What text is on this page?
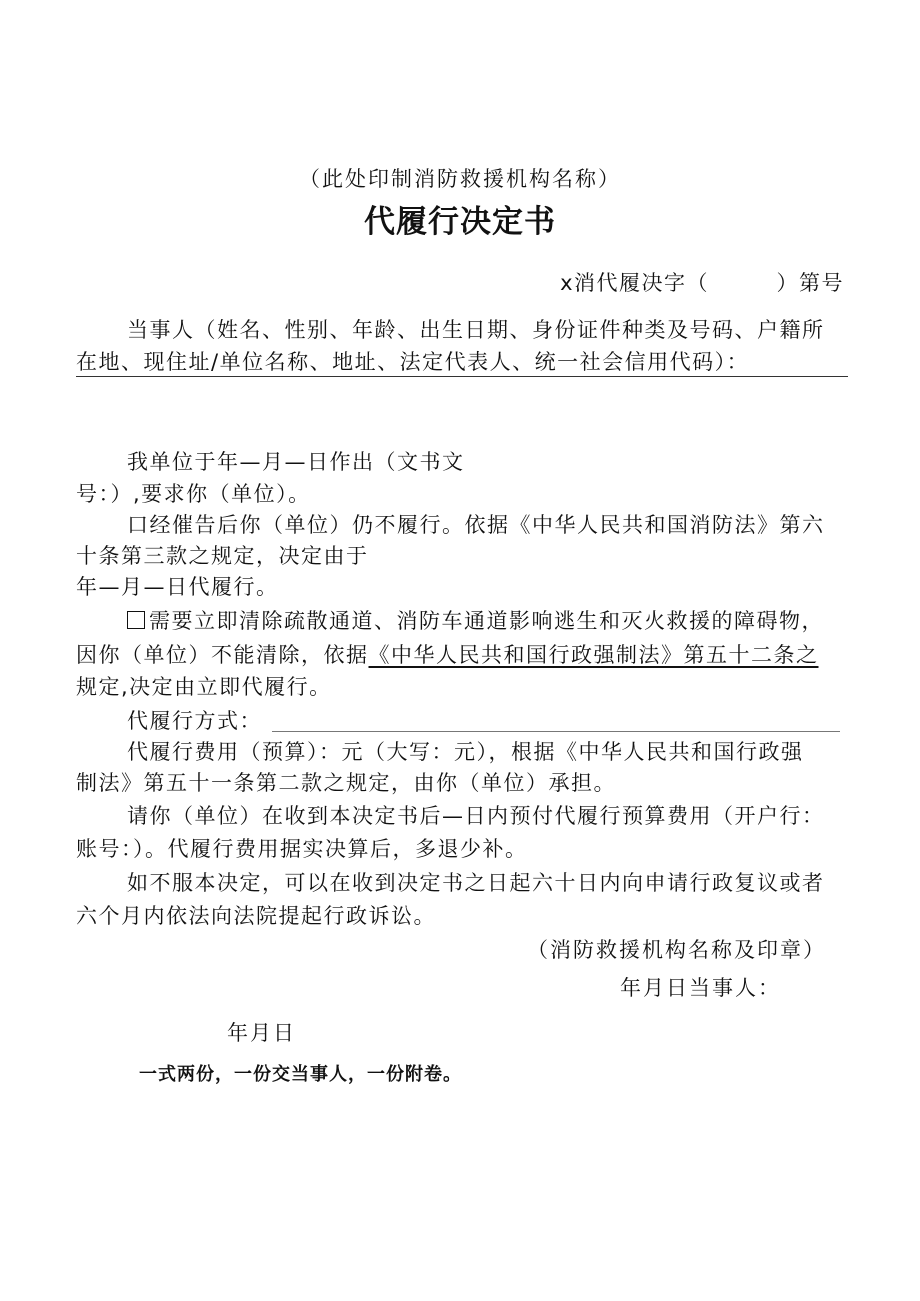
（此处印制消防救援机构名称）
代履行决定书
x消代履决字（　　　）第号
当事人（姓名、性别、年龄、出生日期、身份证件种类及号码、户籍所
在地、现住址/单位名称、地址、法定代表人、统一社会信用代码）：
我单位于年—月—日作出（文书文
号：）,要求你（单位）。
口经催告后你（单位）仍不履行。依据《中华人民共和国消防法》第六
十条第三款之规定，决定由于
年—月—日代履行。
需要立即清除疏散通道、消防车通道影响逃生和灭火救援的障碍物，
因你（单位）不能清除，依据《中华人民共和国行政强制法》第五十二条之
规定,决定由立即代履行。
代履行方式：
代履行费用（预算）：元（大写：元），根据《中华人民共和国行政强
制法》第五十一条第二款之规定，由你（单位）承担。
请你（单位）在收到本决定书后—日内预付代履行预算费用（开户行：
账号：）。代履行费用据实决算后，多退少补。
如不服本决定，可以在收到决定书之日起六十日内向申请行政复议或者
六个月内依法向法院提起行政诉讼。
（消防救援机构名称及印章）
年月日当事人：
年月日
一式两份，一份交当事人，一份附卷。
